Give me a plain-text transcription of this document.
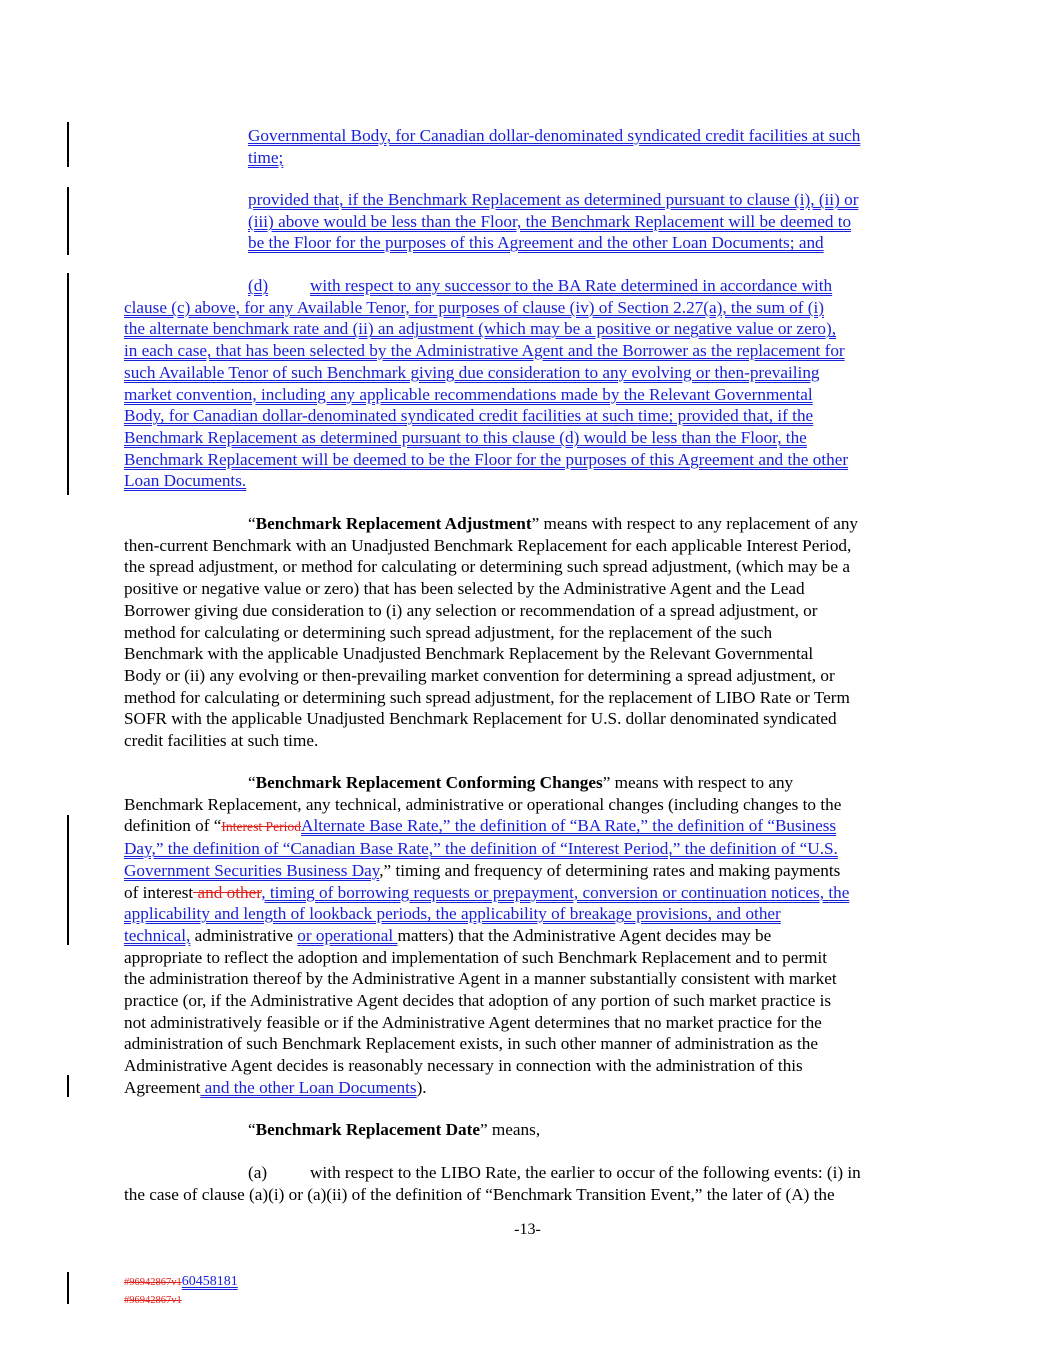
Governmental Body, for Canadian dollar-denominated syndicated credit facilities at such
time;
provided that, if the Benchmark Replacement as determined pursuant to clause (i), (ii) or
(iii) above would be less than the Floor, the Benchmark Replacement will be deemed to
be the Floor for the purposes of this Agreement and the other Loan Documents; and
(d) with respect to any successor to the BA Rate determined in accordance with
clause (c) above, for any Available Tenor, for purposes of clause (iv) of Section 2.27(a), the sum of (i)
the alternate benchmark rate and (ii) an adjustment (which may be a positive or negative value or zero),
in each case, that has been selected by the Administrative Agent and the Borrower as the replacement for
such Available Tenor of such Benchmark giving due consideration to any evolving or then-prevailing
market convention, including any applicable recommendations made by the Relevant Governmental
Body, for Canadian dollar-denominated syndicated credit facilities at such time; provided that, if the
Benchmark Replacement as determined pursuant to this clause (d) would be less than the Floor, the
Benchmark Replacement will be deemed to be the Floor for the purposes of this Agreement and the other
Loan Documents.
“Benchmark Replacement Adjustment” means with respect to any replacement of any
then-current Benchmark with an Unadjusted Benchmark Replacement for each applicable Interest Period,
the spread adjustment, or method for calculating or determining such spread adjustment, (which may be a
positive or negative value or zero) that has been selected by the Administrative Agent and the Lead
Borrower giving due consideration to (i) any selection or recommendation of a spread adjustment, or
method for calculating or determining such spread adjustment, for the replacement of the such
Benchmark with the applicable Unadjusted Benchmark Replacement by the Relevant Governmental
Body or (ii) any evolving or then-prevailing market convention for determining a spread adjustment, or
method for calculating or determining such spread adjustment, for the replacement of LIBO Rate or Term
SOFR with the applicable Unadjusted Benchmark Replacement for U.S. dollar denominated syndicated
credit facilities at such time.
“Benchmark Replacement Conforming Changes” means with respect to any
Benchmark Replacement, any technical, administrative or operational changes (including changes to the
definition of “Interest PeriodAlternate Base Rate,” the definition of “BA Rate,” the definition of “Business
Day,” the definition of “Canadian Base Rate,” the definition of “Interest Period,” the definition of “U.S.
Government Securities Business Day,” timing and frequency of determining rates and making payments
of interest and other, timing of borrowing requests or prepayment, conversion or continuation notices, the
applicability and length of lookback periods, the applicability of breakage provisions, and other
technical, administrative or operational matters) that the Administrative Agent decides may be
appropriate to reflect the adoption and implementation of such Benchmark Replacement and to permit
the administration thereof by the Administrative Agent in a manner substantially consistent with market
practice (or, if the Administrative Agent decides that adoption of any portion of such market practice is
not administratively feasible or if the Administrative Agent determines that no market practice for the
administration of such Benchmark Replacement exists, in such other manner of administration as the
Administrative Agent decides is reasonably necessary in connection with the administration of this
Agreement and the other Loan Documents).
“Benchmark Replacement Date” means,
(a) with respect to the LIBO Rate, the earlier to occur of the following events: (i) in
the case of clause (a)(i) or (a)(ii) of the definition of “Benchmark Transition Event,” the later of (A) the
-13-
#96942867v160458181
#96942867v1
